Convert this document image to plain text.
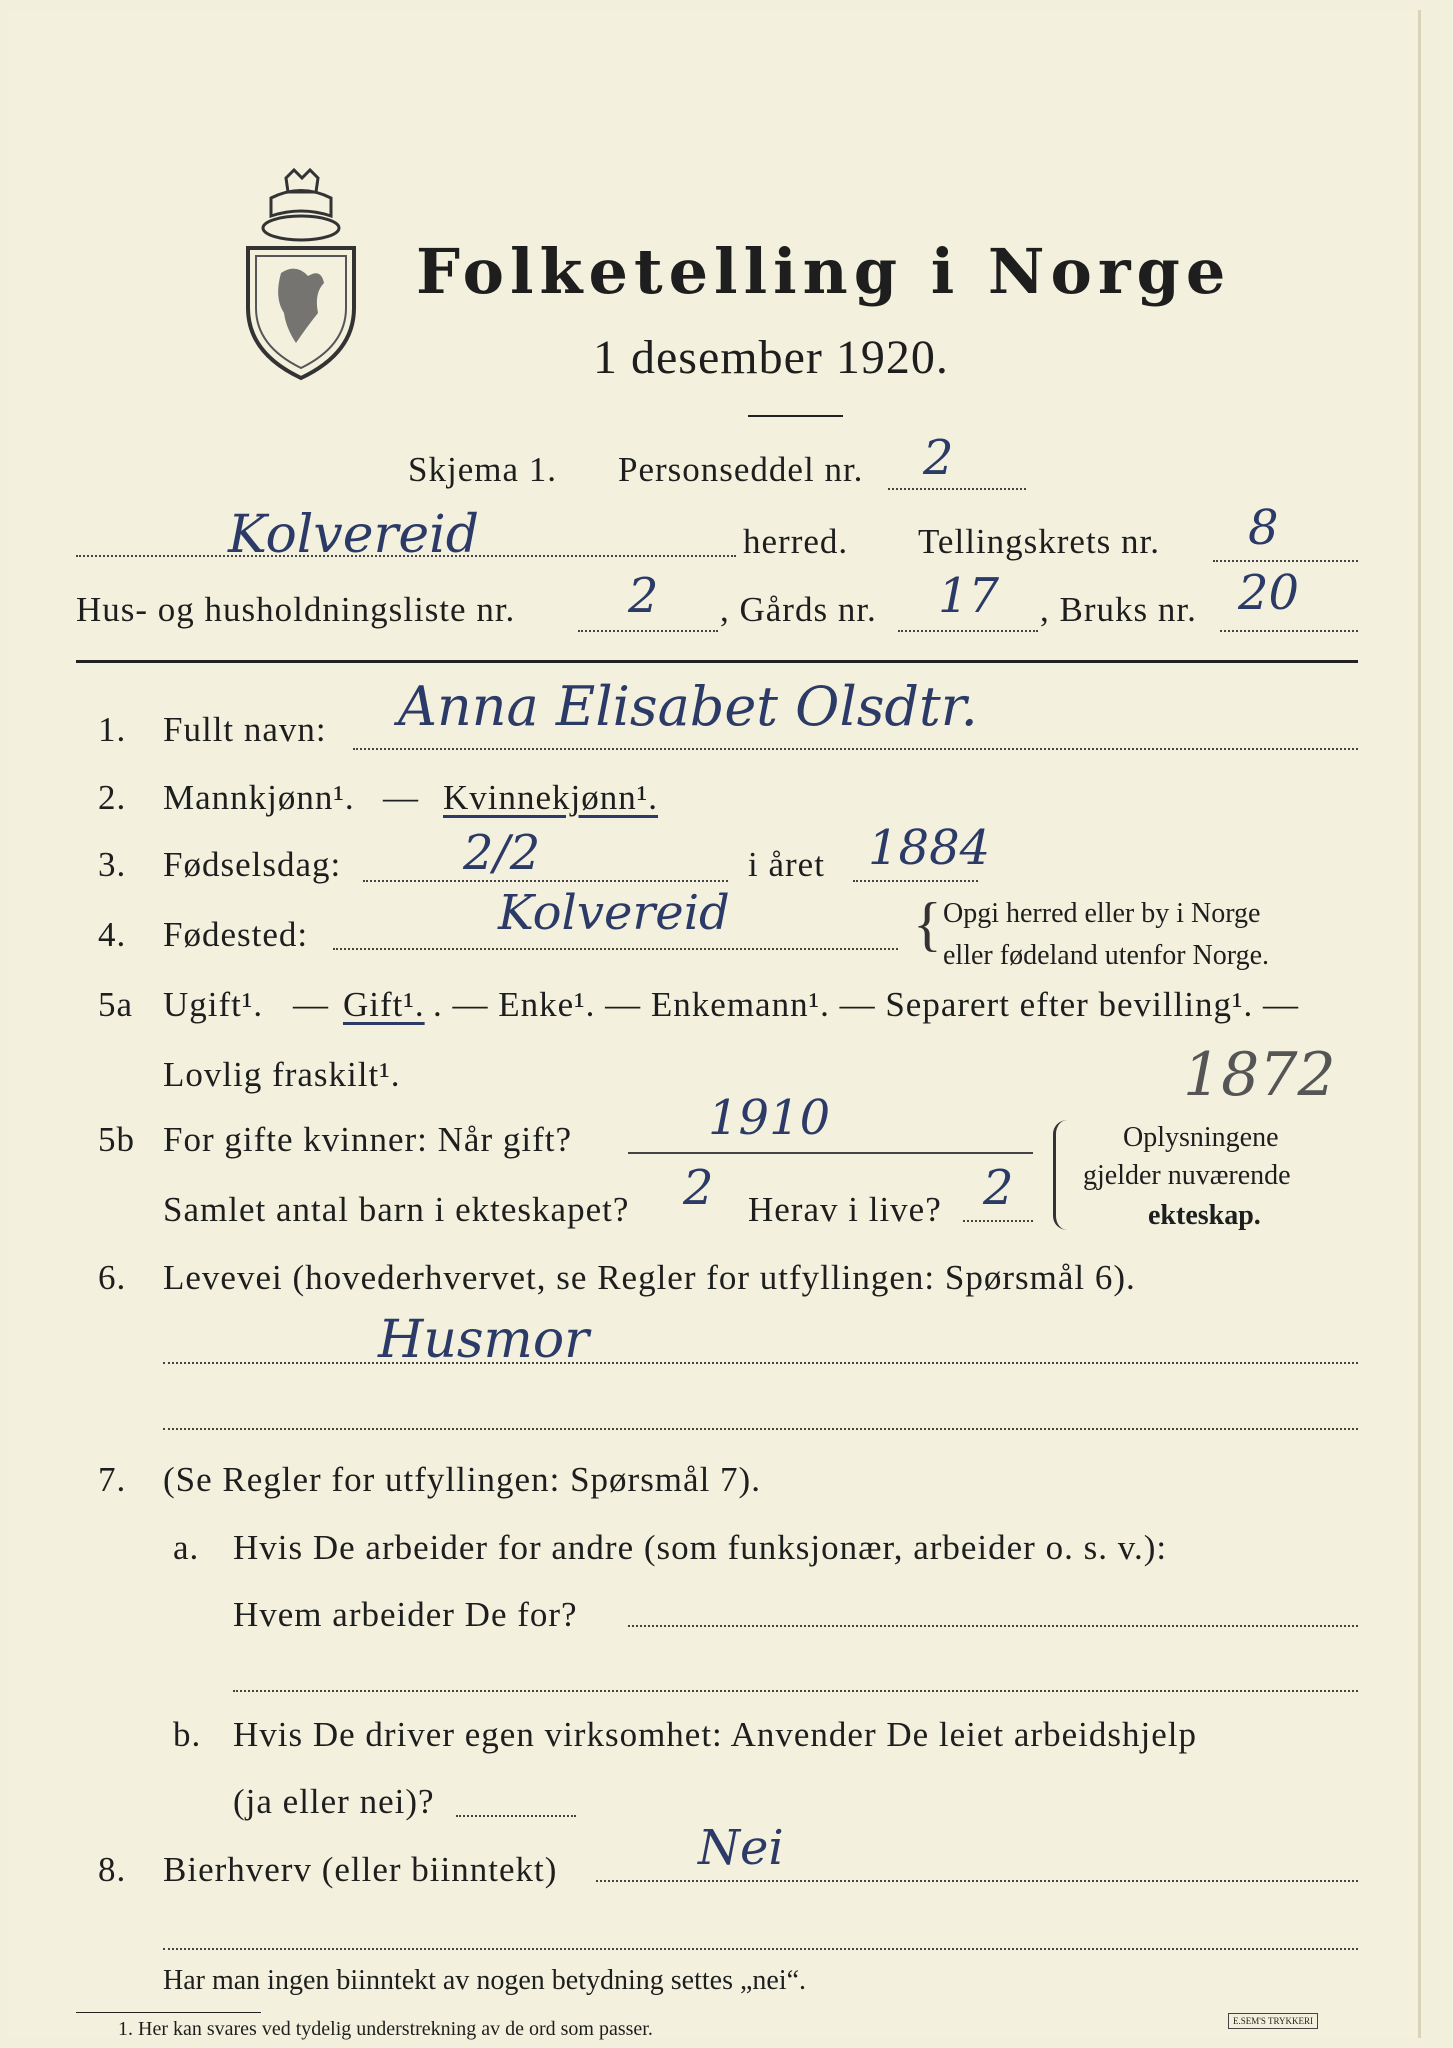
Folketelling i Norge
1 desember 1920.
Skjema 1. Personseddel nr. 2
Kolvereid	herred. Tellingskrets nr. 8
Hus- og husholdningsliste nr. 2 , Gårds nr. 17 , Bruks nr. 20
1. Fullt navn: Anna Elisabet Olsdtr.
2. Mannkjønn¹. — Kvinnekjønn¹.
3. Fødselsdag:	2/2	i året 1884
4. Fødested:	Kolvereid	{ Opgi herred eller by i Norge
eller fødeland utenfor Norge.
5a Ugift¹. — Gift¹. . — Enke¹. — Enkemann¹. — Separert efter bevilling¹. —
Lovlig fraskilt¹.	1872
5b For gifte kvinner: Når gift?	1910
Samlet antal barn i ekteskapet? 2 Herav i live? 2
Oplysningene
gjelder nuværende
ekteskap.
6. Levevei (hovederhvervet, se Regler for utfyllingen: Spørsmål 6).
Husmor
7. (Se Regler for utfyllingen: Spørsmål 7).
a. Hvis De arbeider for andre (som funksjonær, arbeider o. s. v.):
Hvem arbeider De for?
b. Hvis De driver egen virksomhet: Anvender De leiet arbeidshjelp
(ja eller nei)?
8. Bierhverv (eller biinntekt)	Nei
Har man ingen biinntekt av nogen betydning settes „nei“.
1. Her kan svares ved tydelig understrekning av de ord som passer.	E.SEM'S TRYKKERI
